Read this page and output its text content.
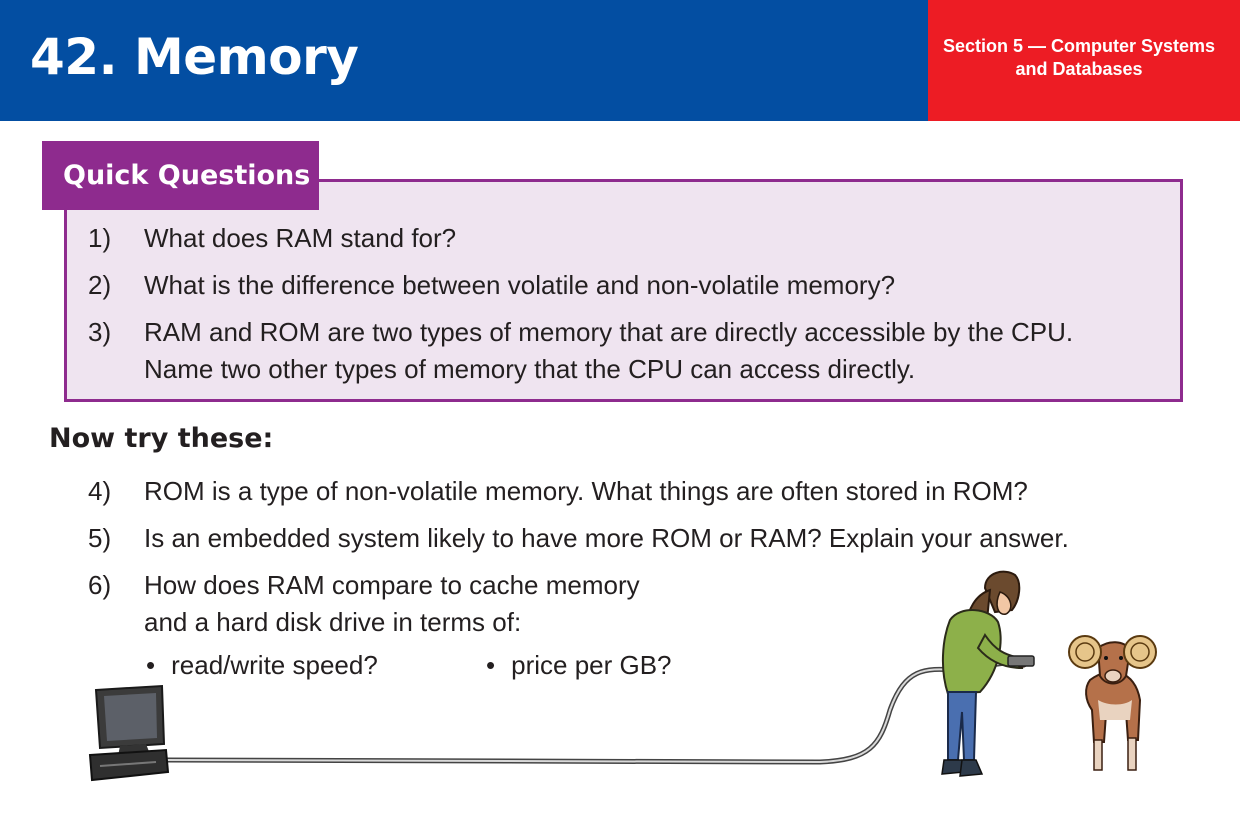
42. Memory	Section 5 — Computer Systems and Databases
Quick Questions
1) What does RAM stand for?
2) What is the difference between volatile and non-volatile memory?
3) RAM and ROM are two types of memory that are directly accessible by the CPU.
Name two other types of memory that the CPU can access directly.
Now try these:
4) ROM is a type of non-volatile memory. What things are often stored in ROM?
5) Is an embedded system likely to have more ROM or RAM? Explain your answer.
6) How does RAM compare to cache memory
and a hard disk drive in terms of:
• read/write speed?	• price per GB?
